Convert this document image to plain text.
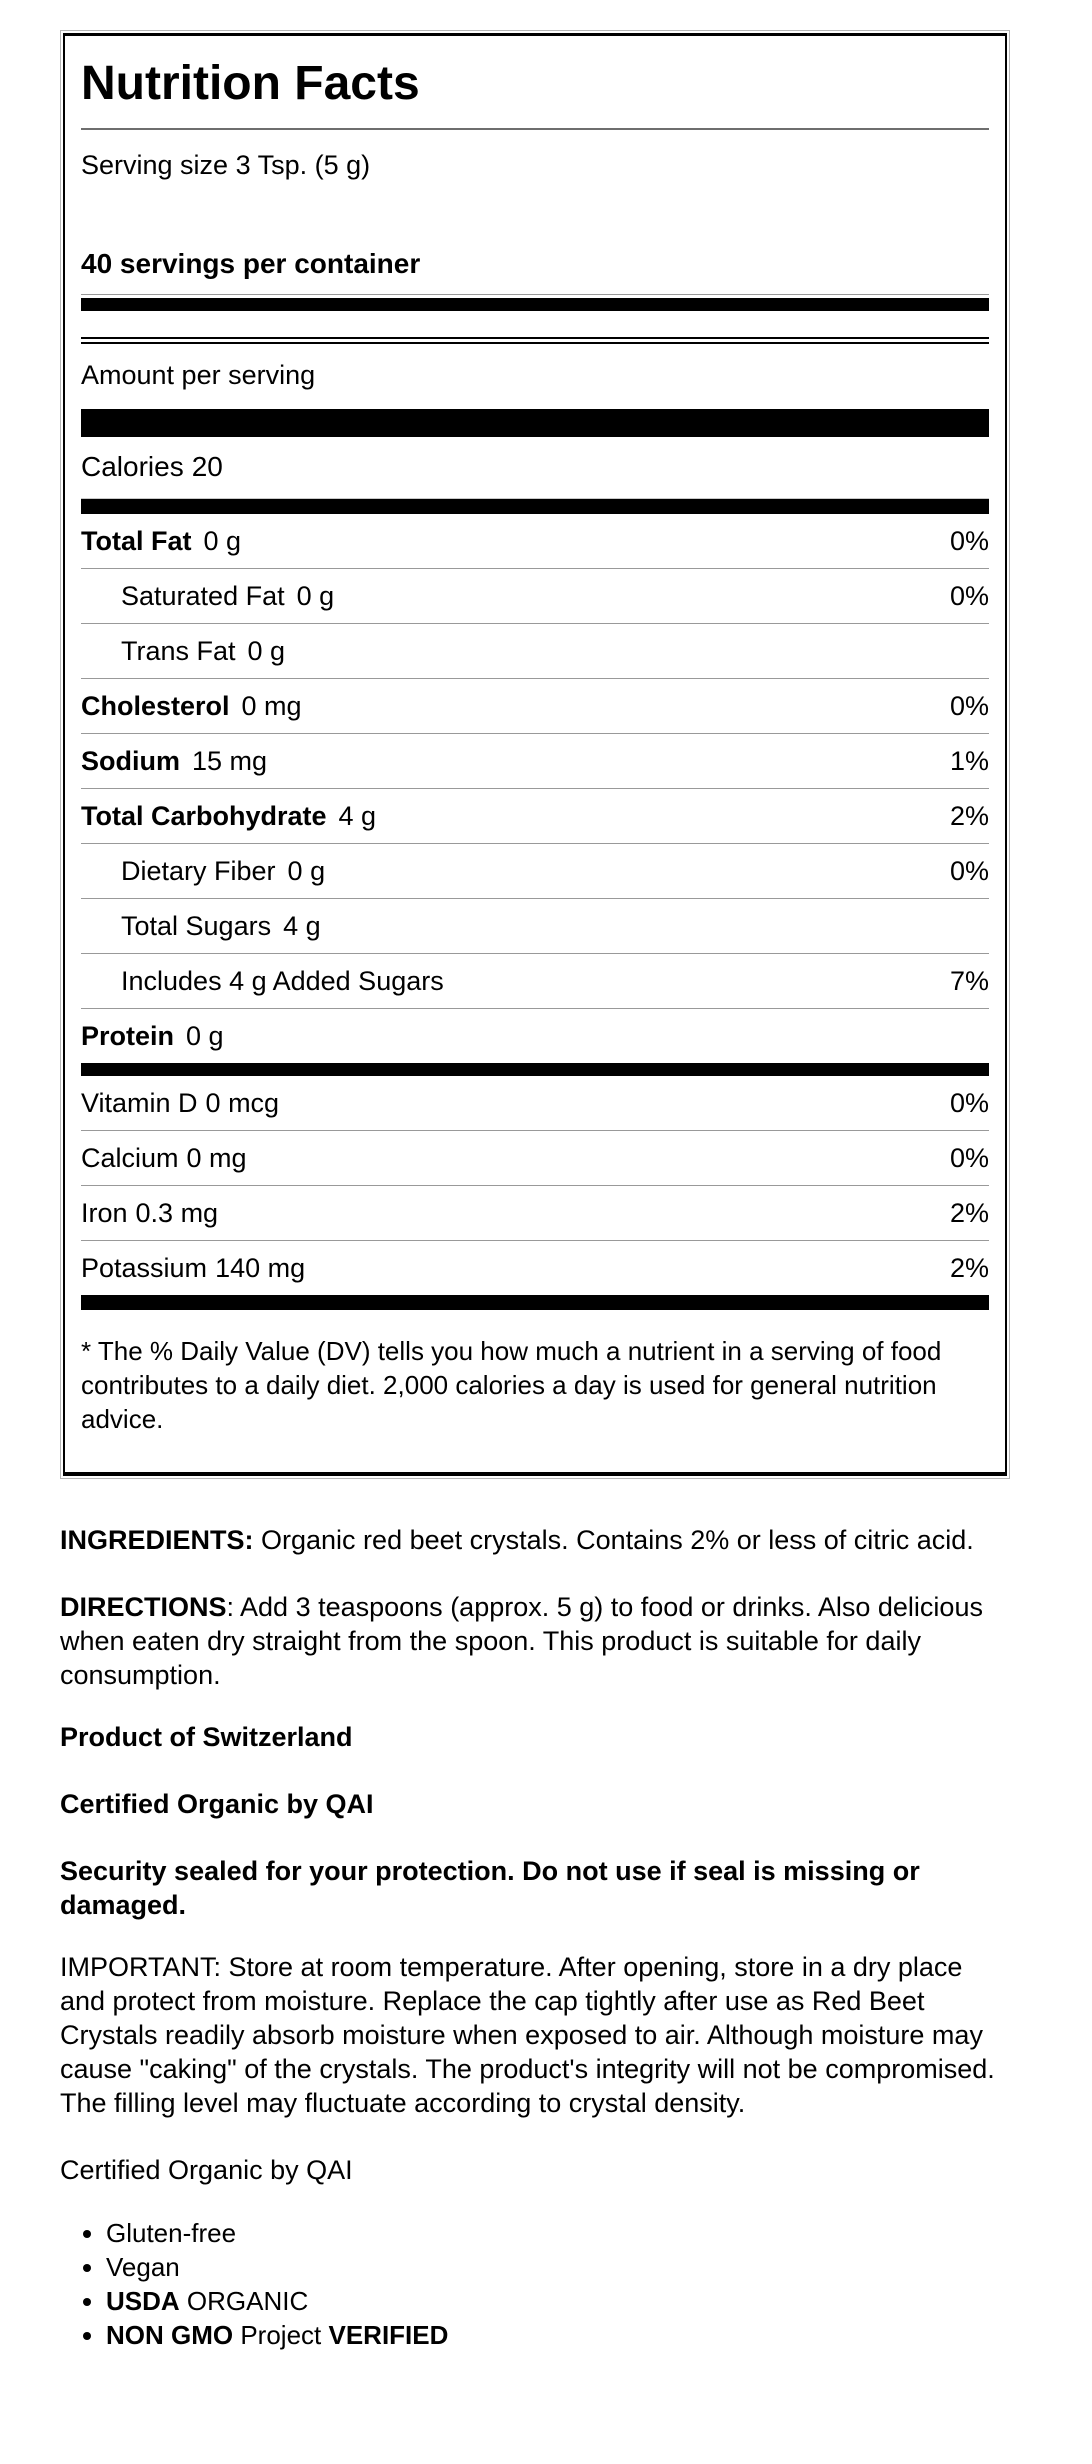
Nutrition Facts
Serving size 3 Tsp. (5 g)
40 servings per container
Amount per serving
Calories 20
Total Fat 0 g	0%
Saturated Fat 0 g	0%
Trans Fat 0 g
Cholesterol 0 mg	0%
Sodium 15 mg	1%
Total Carbohydrate 4 g	2%
Dietary Fiber 0 g	0%
Total Sugars 4 g
Includes 4 g Added Sugars	7%
Protein 0 g
Vitamin D 0 mcg	0%
Calcium 0 mg	0%
Iron 0.3 mg	2%
Potassium 140 mg	2%
* The % Daily Value (DV) tells you how much a nutrient in a serving of food contributes to a daily diet. 2,000 calories a day is used for general nutrition advice.

INGREDIENTS: Organic red beet crystals. Contains 2% or less of citric acid.

DIRECTIONS: Add 3 teaspoons (approx. 5 g) to food or drinks. Also delicious when eaten dry straight from the spoon. This product is suitable for daily consumption.

Product of Switzerland

Certified Organic by QAI

Security sealed for your protection. Do not use if seal is missing or damaged.

IMPORTANT: Store at room temperature. After opening, store in a dry place and protect from moisture. Replace the cap tightly after use as Red Beet Crystals readily absorb moisture when exposed to air. Although moisture may cause "caking" of the crystals. The product's integrity will not be compromised. The filling level may fluctuate according to crystal density.

Certified Organic by QAI

• Gluten-free
• Vegan
• USDA ORGANIC
• NON GMO Project VERIFIED
